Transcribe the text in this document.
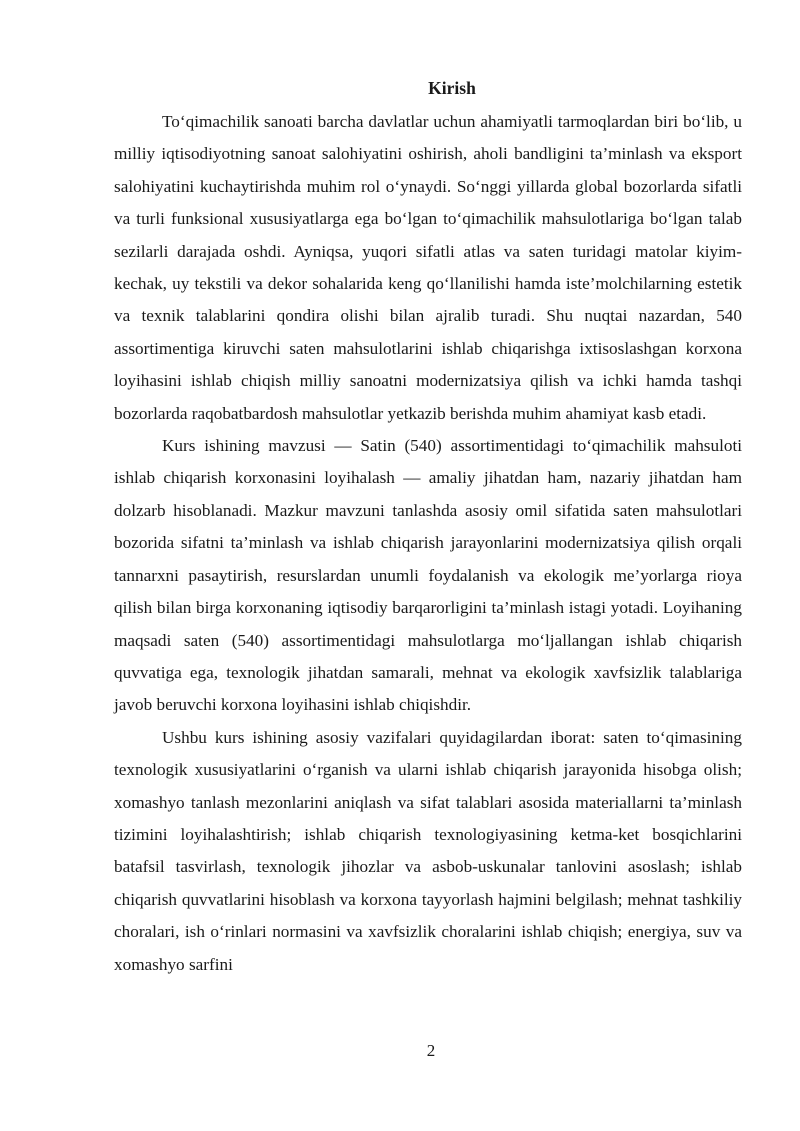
Kirish

To‘qimachilik sanoati barcha davlatlar uchun ahamiyatli tarmoqlardan biri bo‘lib, u milliy iqtisodiyotning sanoat salohiyatini oshirish, aholi bandligini ta’minlash va eksport salohiyatini kuchaytirishda muhim rol o‘ynaydi. So‘nggi yillarda global bozorlarda sifatli va turli funksional xususiyatlarga ega bo‘lgan to‘qimachilik mahsulotlariga bo‘lgan talab sezilarli darajada oshdi. Ayniqsa, yuqori sifatli atlas va saten turidagi matolar kiyim-kechak, uy tekstili va dekor sohalarida keng qo‘llanilishi hamda iste’molchilarning estetik va texnik talablarini qondira olishi bilan ajralib turadi. Shu nuqtai nazardan, 540 assortimentiga kiruvchi saten mahsulotlarini ishlab chiqarishga ixtisoslashgan korxona loyihasini ishlab chiqish milliy sanoatni modernizatsiya qilish va ichki hamda tashqi bozorlarda raqobatbardosh mahsulotlar yetkazib berishda muhim ahamiyat kasb etadi.

Kurs ishining mavzusi — Satin (540) assortimentidagi to‘qimachilik mahsuloti ishlab chiqarish korxonasini loyihalash — amaliy jihatdan ham, nazariy jihatdan ham dolzarb hisoblanadi. Mazkur mavzuni tanlashda asosiy omil sifatida saten mahsulotlari bozorida sifatni ta’minlash va ishlab chiqarish jarayonlarini modernizatsiya qilish orqali tannarxni pasaytirish, resurslardan unumli foydalanish va ekologik me’yorlarga rioya qilish bilan birga korxonaning iqtisodiy barqarorligini ta’minlash istagi yotadi. Loyihaning maqsadi saten (540) assortimentidagi mahsulotlarga mo‘ljallangan ishlab chiqarish quvvatiga ega, texnologik jihatdan samarali, mehnat va ekologik xavfsizlik talablariga javob beruvchi korxona loyihasini ishlab chiqishdir.

Ushbu kurs ishining asosiy vazifalari quyidagilardan iborat: saten to‘qimasining texnologik xususiyatlarini o‘rganish va ularni ishlab chiqarish jarayonida hisobga olish; xomashyo tanlash mezonlarini aniqlash va sifat talablari asosida materiallarni ta’minlash tizimini loyihalashtirish; ishlab chiqarish texnologiyasining ketma-ket bosqichlarini batafsil tasvirlash, texnologik jihozlar va asbob-uskunalar tanlovini asoslash; ishlab chiqarish quvvatlarini hisoblash va korxona tayyorlash hajmini belgilash; mehnat tashkiliy choralari, ish o‘rinlari normasini va xavfsizlik choralarini ishlab chiqish; energiya, suv va xomashyo sarfini

2
